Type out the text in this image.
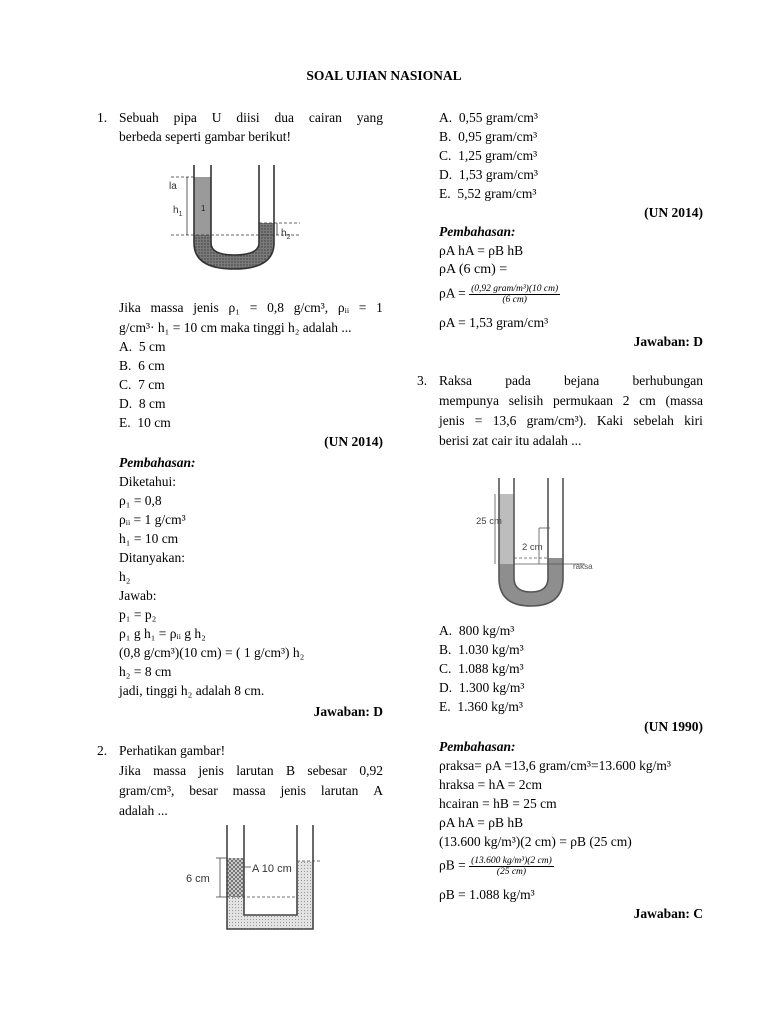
SOAL UJIAN NASIONAL
1. Sebuah pipa U diisi dua cairan yang
berbeda seperti gambar berikut!
la
$h_1$
1
$h_2$
Jika massa jenis ρ₁ = 0,8 g/cm³, ρᵢᵢ = 1
g/cm³· h₁ = 10 cm maka tinggi h₂ adalah ...
A. 5 cm
B. 6 cm
C. 7 cm
D. 8 cm
E. 10 cm
(UN 2014)
Pembahasan:
Diketahui:
ρ₁ = 0,8
ρᵢᵢ = 1 g/cm³
h₁ = 10 cm
Ditanyakan:
h₂
Jawab:
p₁ = p₂
ρ₁ g h₁ = ρᵢᵢ g h₂
(0,8 g/cm³)(10 cm) = ( 1 g/cm³) h₂
h₂ = 8 cm
jadi, tinggi h₂ adalah 8 cm.
Jawaban: D
2. Perhatikan gambar!
Jika massa jenis larutan B sebesar 0,92
gram/cm³, besar massa jenis larutan A
adalah ...
6 cm
A 10 cm
A. 0,55 gram/cm³
B. 0,95 gram/cm³
C. 1,25 gram/cm³
D. 1,53 gram/cm³
E. 5,52 gram/cm³
(UN 2014)
Pembahasan:
ρA hA = ρB hB
ρA (6 cm) =
$\rho A = \frac{\text{(0,92 gram/m³)(10 cm)}}{(6 cm)}$
ρA = 1,53 gram/cm³
Jawaban: D
3. Raksa pada bejana berhubungan
mempunya selisih permukaan 2 cm (massa
jenis = 13,6 gram/cm³). Kaki sebelah kiri
berisi zat cair itu adalah ...
25 cm
2 cm
raksa
A. 800 kg/m³
B. 1.030 kg/m³
C. 1.088 kg/m³
D. 1.300 kg/m³
E. 1.360 kg/m³
(UN 1990)
Pembahasan:
ρraksa= ρA =13,6 gram/cm³=13.600 kg/m³
hraksa = hA = 2cm
hcairan = hB = 25 cm
ρA hA = ρB hB
(13.600 kg/m³)(2 cm) = ρB (25 cm)
$\rho B = \frac{\text{(13.600 kg/m³)(2 cm)}}{(25 cm)}$
ρB = 1.088 kg/m³
Jawaban: C
